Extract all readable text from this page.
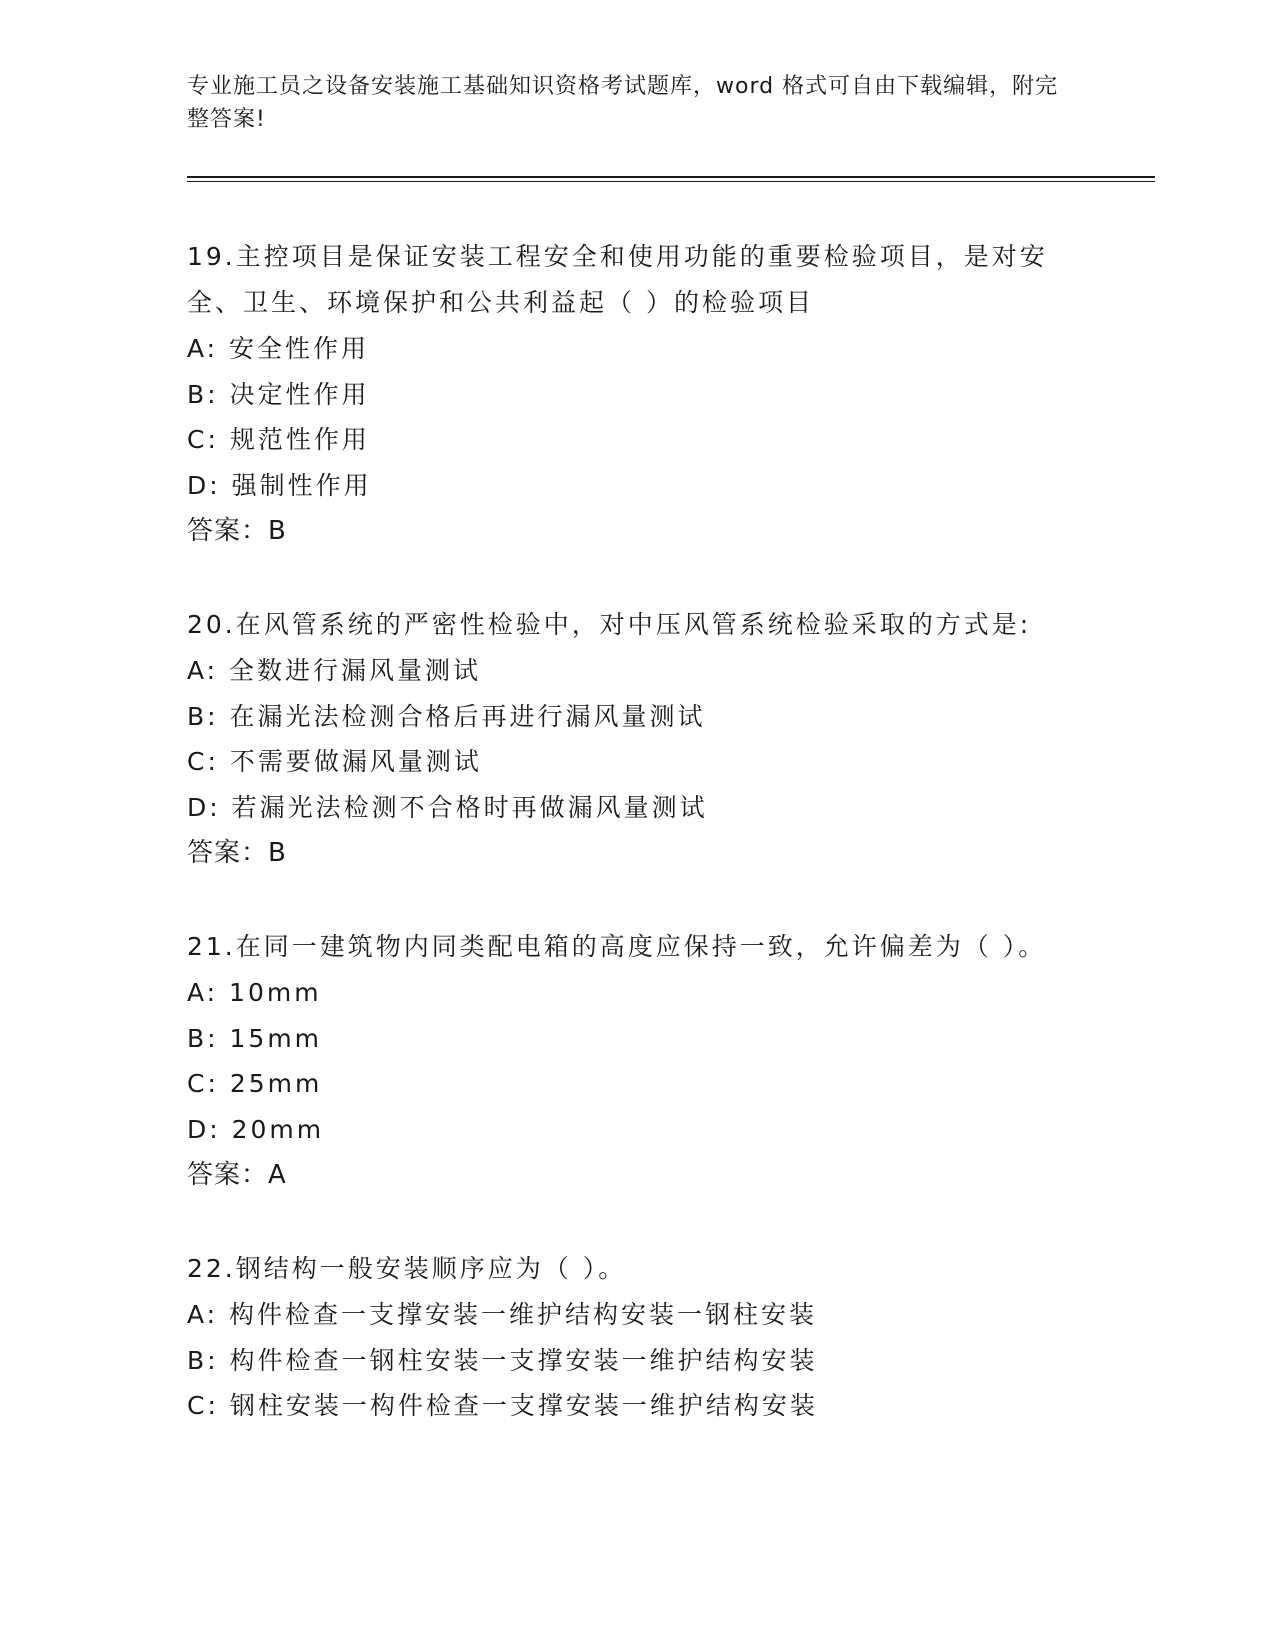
专业施工员之设备安装施工基础知识资格考试题库，word 格式可自由下载编辑，附完整答案!
19.主控项目是保证安装工程安全和使用功能的重要检验项目，是对安全、卫生、环境保护和公共利益起（ ）的检验项目
A: 安全性作用
B: 决定性作用
C: 规范性作用
D: 强制性作用
答案：B
20.在风管系统的严密性检验中，对中压风管系统检验采取的方式是:
A: 全数进行漏风量测试
B: 在漏光法检测合格后再进行漏风量测试
C: 不需要做漏风量测试
D: 若漏光法检测不合格时再做漏风量测试
答案：B
21.在同一建筑物内同类配电箱的高度应保持一致，允许偏差为（ ）。
A: 10mm
B: 15mm
C: 25mm
D: 20mm
答案：A
22.钢结构一般安装顺序应为（ ）。
A: 构件检查一支撑安装一维护结构安装一钢柱安装
B: 构件检查一钢柱安装一支撑安装一维护结构安装
C: 钢柱安装一构件检查一支撑安装一维护结构安装
